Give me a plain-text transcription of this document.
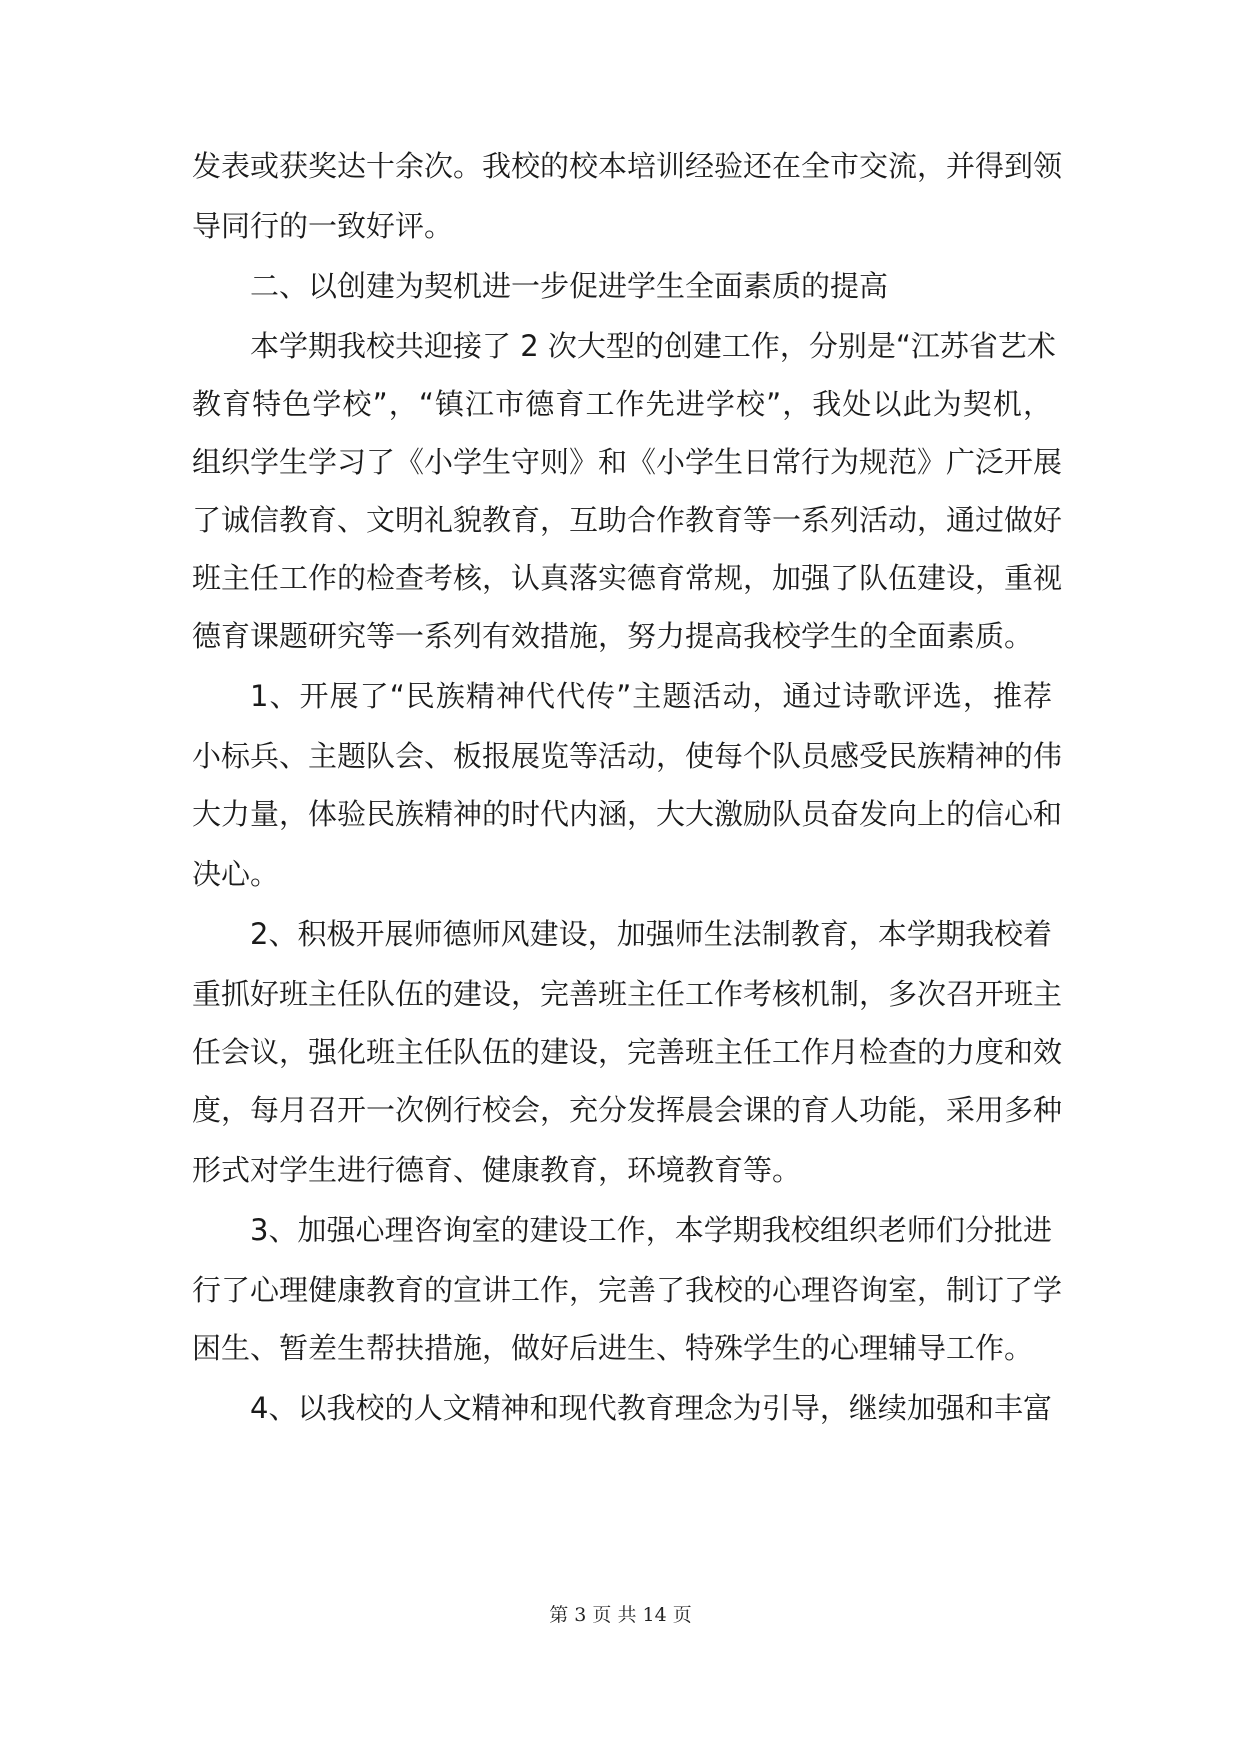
发表或获奖达十余次。我校的校本培训经验还在全市交流，并得到领
导同行的一致好评。
二、以创建为契机进一步促进学生全面素质的提高
本学期我校共迎接了 2 次大型的创建工作，分别是“江苏省艺术
教育特色学校”，“镇江市德育工作先进学校”，我处以此为契机，
组织学生学习了《小学生守则》和《小学生日常行为规范》广泛开展
了诚信教育、文明礼貌教育，互助合作教育等一系列活动，通过做好
班主任工作的检查考核，认真落实德育常规，加强了队伍建设，重视
德育课题研究等一系列有效措施，努力提高我校学生的全面素质。
1、开展了“民族精神代代传”主题活动，通过诗歌评选，推荐
小标兵、主题队会、板报展览等活动，使每个队员感受民族精神的伟
大力量，体验民族精神的时代内涵，大大激励队员奋发向上的信心和
决心。
2、积极开展师德师风建设，加强师生法制教育，本学期我校着
重抓好班主任队伍的建设，完善班主任工作考核机制，多次召开班主
任会议，强化班主任队伍的建设，完善班主任工作月检查的力度和效
度，每月召开一次例行校会，充分发挥晨会课的育人功能，采用多种
形式对学生进行德育、健康教育，环境教育等。
3、加强心理咨询室的建设工作，本学期我校组织老师们分批进
行了心理健康教育的宣讲工作，完善了我校的心理咨询室，制订了学
困生、暂差生帮扶措施，做好后进生、特殊学生的心理辅导工作。
4、以我校的人文精神和现代教育理念为引导，继续加强和丰富
第 3 页 共 14 页
